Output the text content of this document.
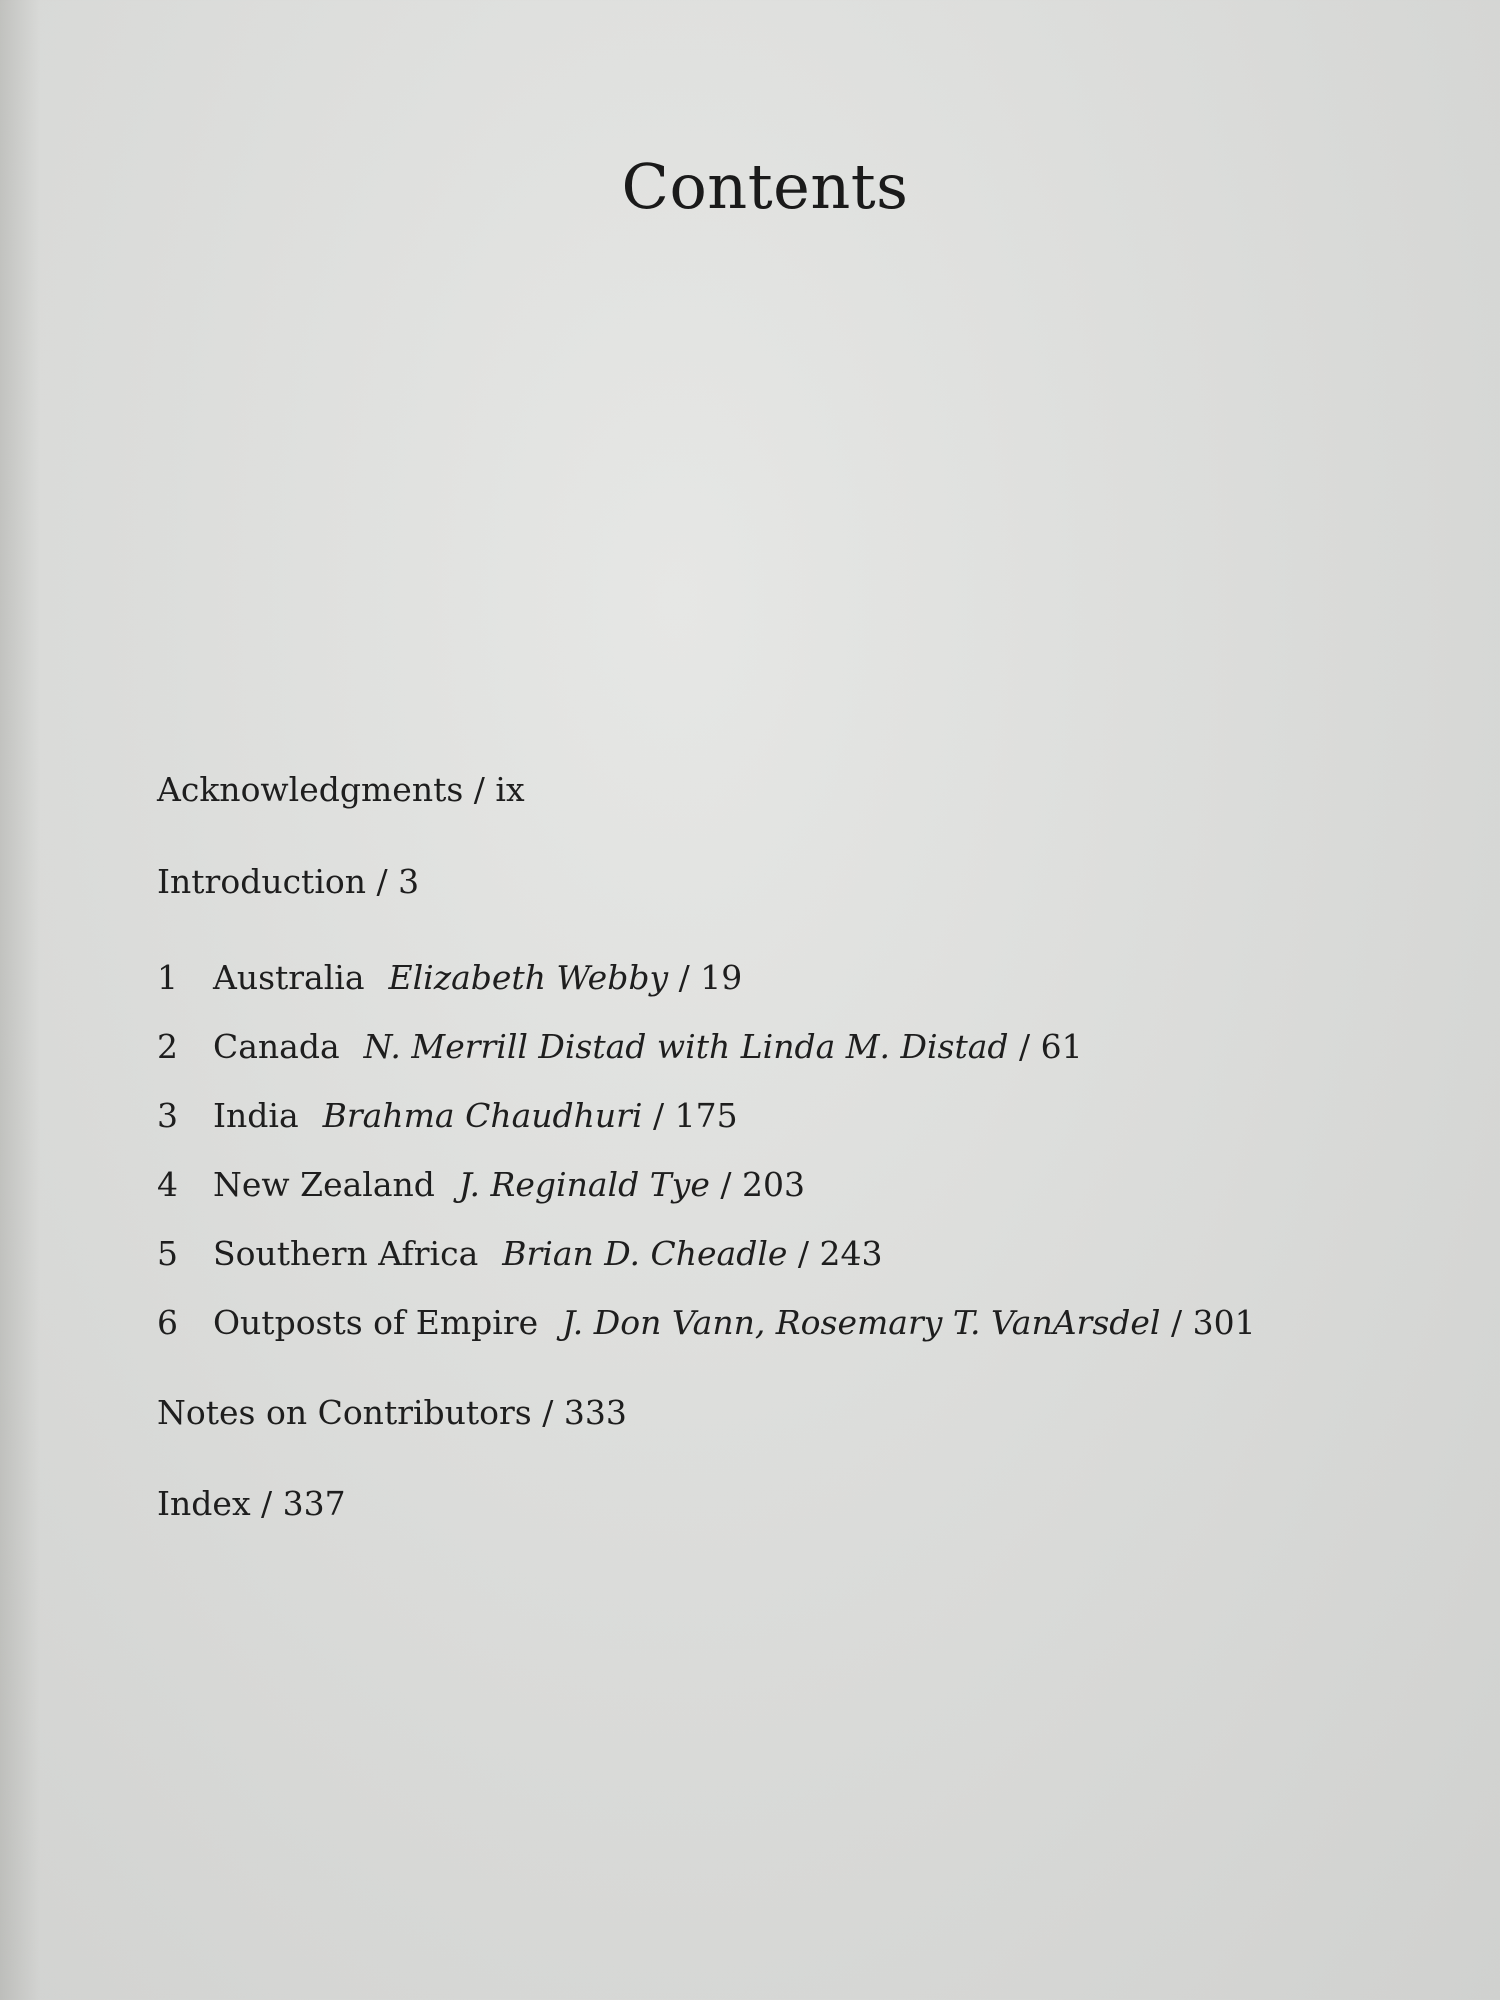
Contents
Acknowledgments / ix
Introduction / 3
1 Australia Elizabeth Webby / 19
2 Canada N. Merrill Distad with Linda M. Distad / 61
3 India Brahma Chaudhuri / 175
4 New Zealand J. Reginald Tye / 203
5 Southern Africa Brian D. Cheadle / 243
6 Outposts of Empire J. Don Vann, Rosemary T. VanArsdel / 301
Notes on Contributors / 333
Index / 337
